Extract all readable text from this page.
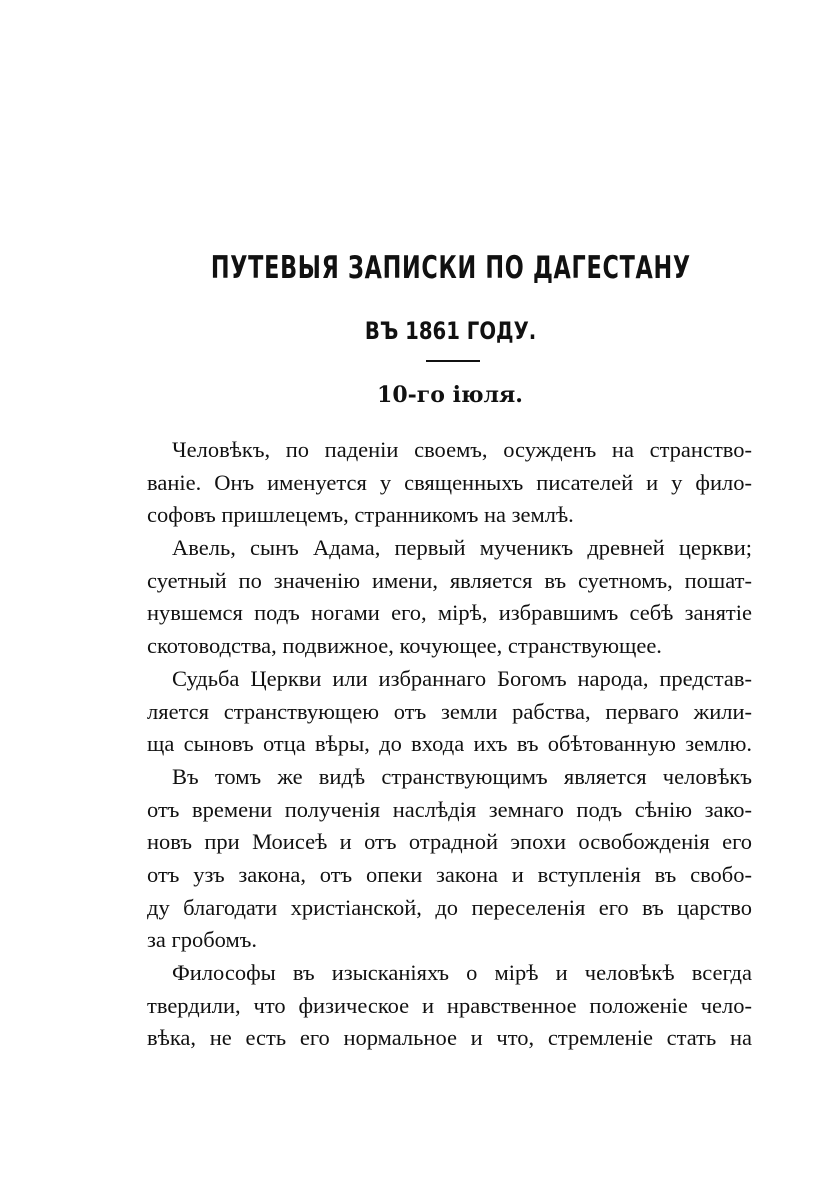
ПУТЕВЫЯ ЗАПИСКИ ПО ДАГЕСТАНУ
ВЪ 1861 ГОДУ.
10-го іюля.
Человѣкъ, по паденіи своемъ, осужденъ на странство-
ваніе. Онъ именуется у священныхъ писателей и у фило-
софовъ пришлецемъ, странникомъ на землѣ.
Авель, сынъ Адама, первый мученикъ древней церкви;
суетный по значенію имени, является въ суетномъ, пошат-
нувшемся подъ ногами его, мірѣ, избравшимъ себѣ занятіе
скотоводства, подвижное, кочующее, странствующее.
Судьба Церкви или избраннаго Богомъ народа, представ-
ляется странствующею отъ земли рабства, перваго жили-
ща сыновъ отца вѣры, до входа ихъ въ обѣтованную землю.
Въ томъ же видѣ странствующимъ является человѣкъ
отъ времени полученія наслѣдія земнаго подъ сѣнію зако-
новъ при Моисеѣ и отъ отрадной эпохи освобожденія его
отъ узъ закона, отъ опеки закона и вступленія въ свобо-
ду благодати христіанской, до переселенія его въ царство
за гробомъ.
Философы въ изысканіяхъ о мірѣ и человѣкѣ всегда
твердили, что физическое и нравственное положеніе чело-
вѣка, не есть его нормальное и что, стремленіе стать на
